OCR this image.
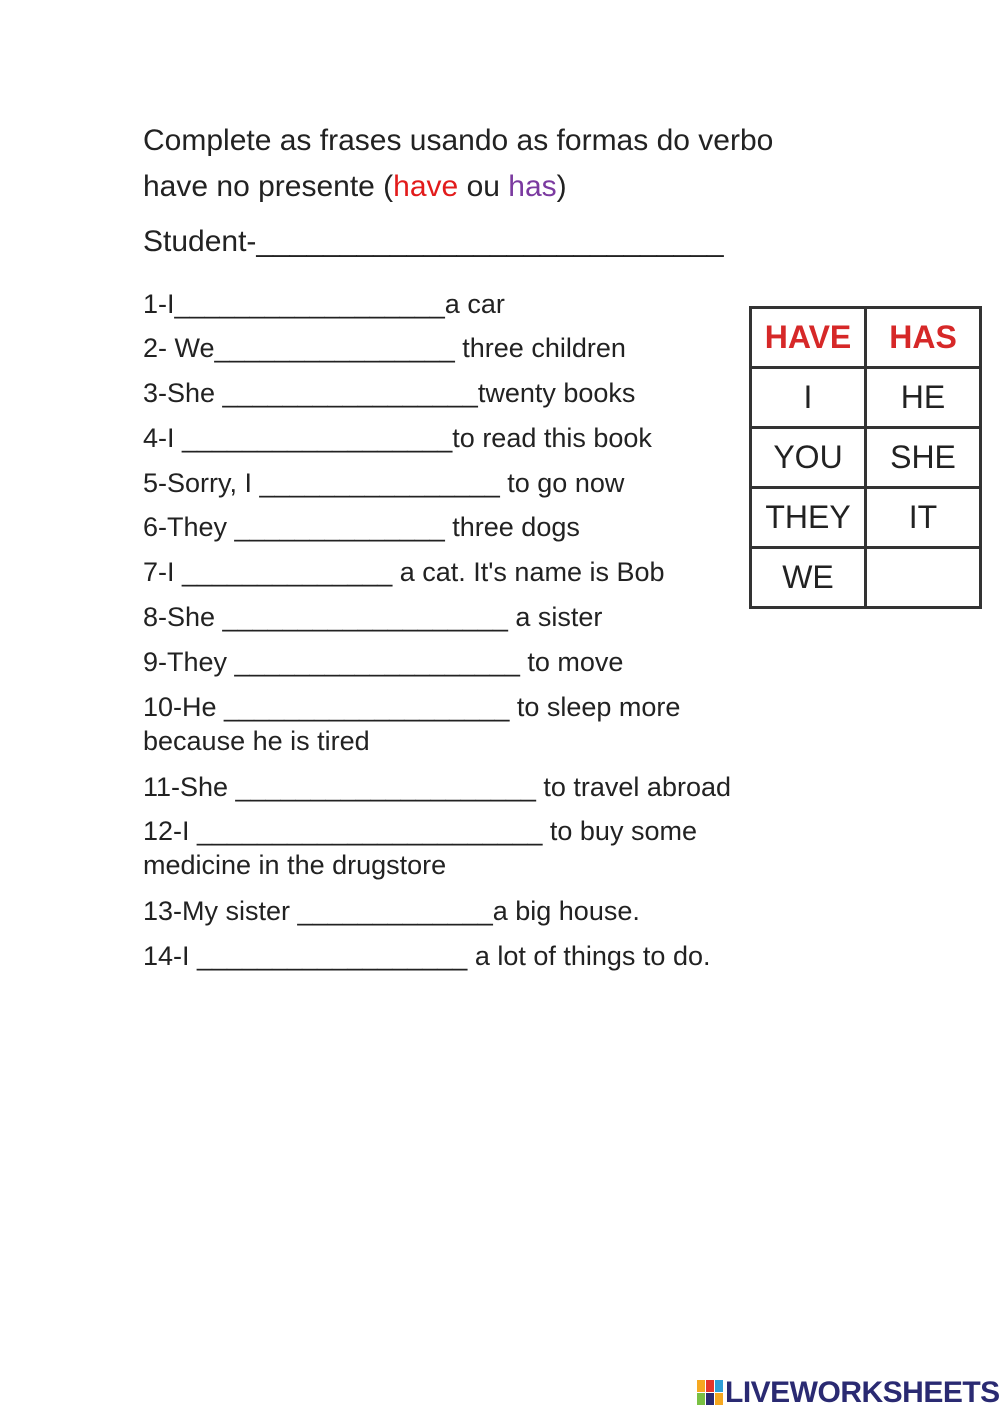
Complete as frases usando as formas do verbo
have no presente (have ou has)
Student-____________________________
1-I__________________a car
2- We________________ three children
3-She _________________twenty books
4-I __________________to read this book
5-Sorry, I ________________ to go now
6-They ______________ three dogs
7-I ______________ a cat. It's name is Bob
8-She ___________________ a sister
9-They ___________________ to move
10-He ___________________ to sleep more
because he is tired
11-She ____________________ to travel abroad
12-I _______________________ to buy some
medicine in the drugstore
13-My sister _____________a big house.
14-I __________________ a lot of things to do.
HAVE	HAS
I	HE
YOU	SHE
THEY	IT
WE	
LIVEWORKSHEETS
